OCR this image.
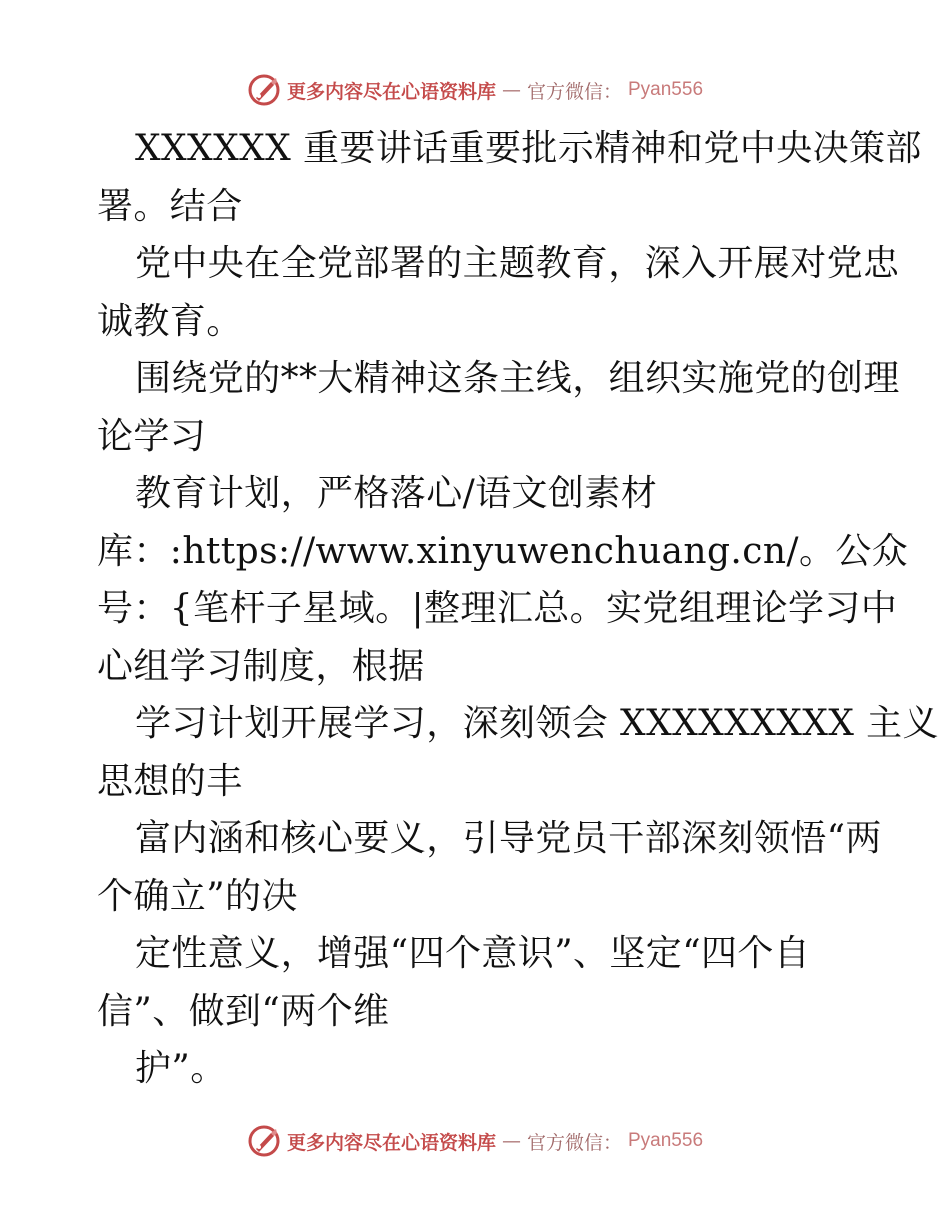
更多内容尽在心语资料库 — 官方微信： Pyan556
XXXXXX 重要讲话重要批示精神和党中央决策部
署。结合
党中央在全党部署的主题教育，深入开展对党忠
诚教育。
围绕党的**大精神这条主线，组织实施党的创理
论学习
教育计划，严格落心/语文创素材
库：:https://www.xinyuwenchuang.cn/。公众
号：{笔杆子星域。|整理汇总。实党组理论学习中
心组学习制度，根据
学习计划开展学习，深刻领会 XXXXXXXXX 主义
思想的丰
富内涵和核心要义，引导党员干部深刻领悟“两
个确立”的决
定性意义，增强“四个意识”、坚定“四个自
信”、做到“两个维
护”。
更多内容尽在心语资料库 — 官方微信： Pyan556
